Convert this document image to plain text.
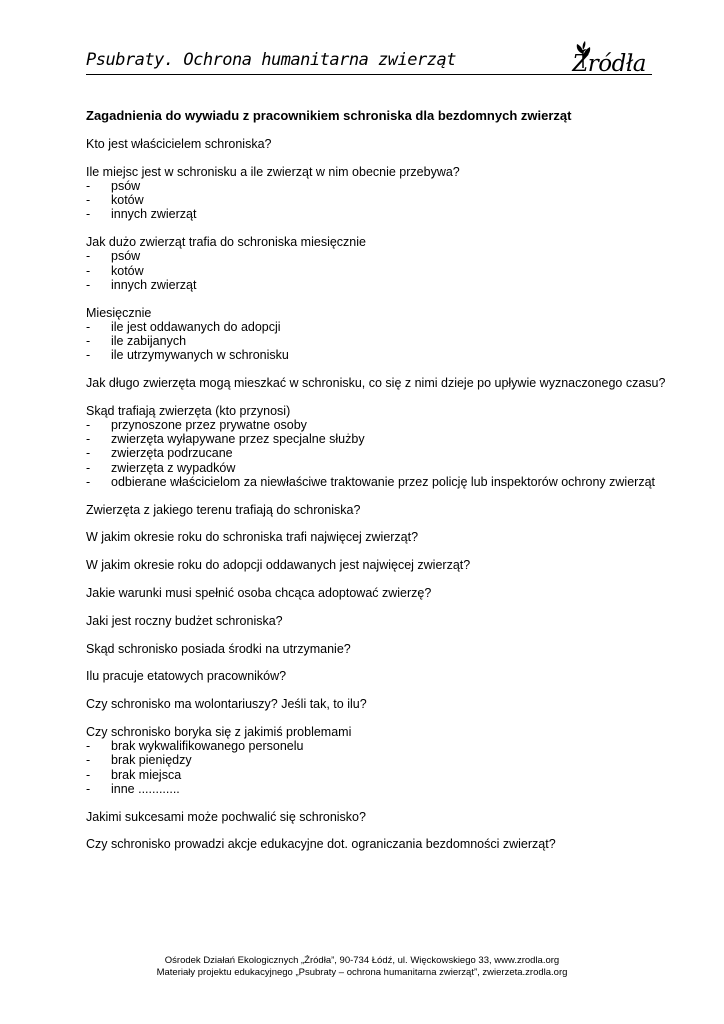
Psubraty. Ochrona humanitarna zwierząt	Źródła
Zagadnienia do wywiadu z pracownikiem schroniska dla bezdomnych zwierząt
Kto jest właścicielem schroniska?
Ile miejsc jest w schronisku a ile zwierząt w nim obecnie przebywa?
-	psów
-	kotów
-	innych zwierząt
Jak dużo zwierząt trafia do schroniska miesięcznie
-	psów
-	kotów
-	innych zwierząt
Miesięcznie
-	ile jest oddawanych do adopcji
-	ile zabijanych
-	ile utrzymywanych w schronisku
Jak długo zwierzęta mogą mieszkać w schronisku, co się z nimi dzieje po upływie wyznaczonego czasu?
Skąd trafiają zwierzęta (kto przynosi)
-	przynoszone przez prywatne osoby
-	zwierzęta wyłapywane przez specjalne służby
-	zwierzęta podrzucane
-	zwierzęta z wypadków
-	odbierane właścicielom za niewłaściwe traktowanie przez policję lub inspektorów ochrony zwierząt
Zwierzęta z jakiego terenu trafiają do schroniska?
W jakim okresie roku do schroniska trafi najwięcej zwierząt?
W jakim okresie roku do adopcji oddawanych jest najwięcej zwierząt?
Jakie warunki musi spełnić osoba chcąca adoptować zwierzę?
Jaki jest roczny budżet schroniska?
Skąd schronisko posiada środki na utrzymanie?
Ilu pracuje etatowych pracowników?
Czy schronisko ma wolontariuszy? Jeśli tak, to ilu?
Czy schronisko boryka się z jakimiś problemami
-	brak wykwalifikowanego personelu
-	brak pieniędzy
-	brak miejsca
-	inne ............
Jakimi sukcesami może pochwalić się schronisko?
Czy schronisko prowadzi akcje edukacyjne dot. ograniczania bezdomności zwierząt?
Ośrodek Działań Ekologicznych „Źródła”, 90-734 Łódź, ul. Więckowskiego 33, www.zrodla.org
Materiały projektu edukacyjnego „Psubraty – ochrona humanitarna zwierząt”, zwierzeta.zrodla.org
